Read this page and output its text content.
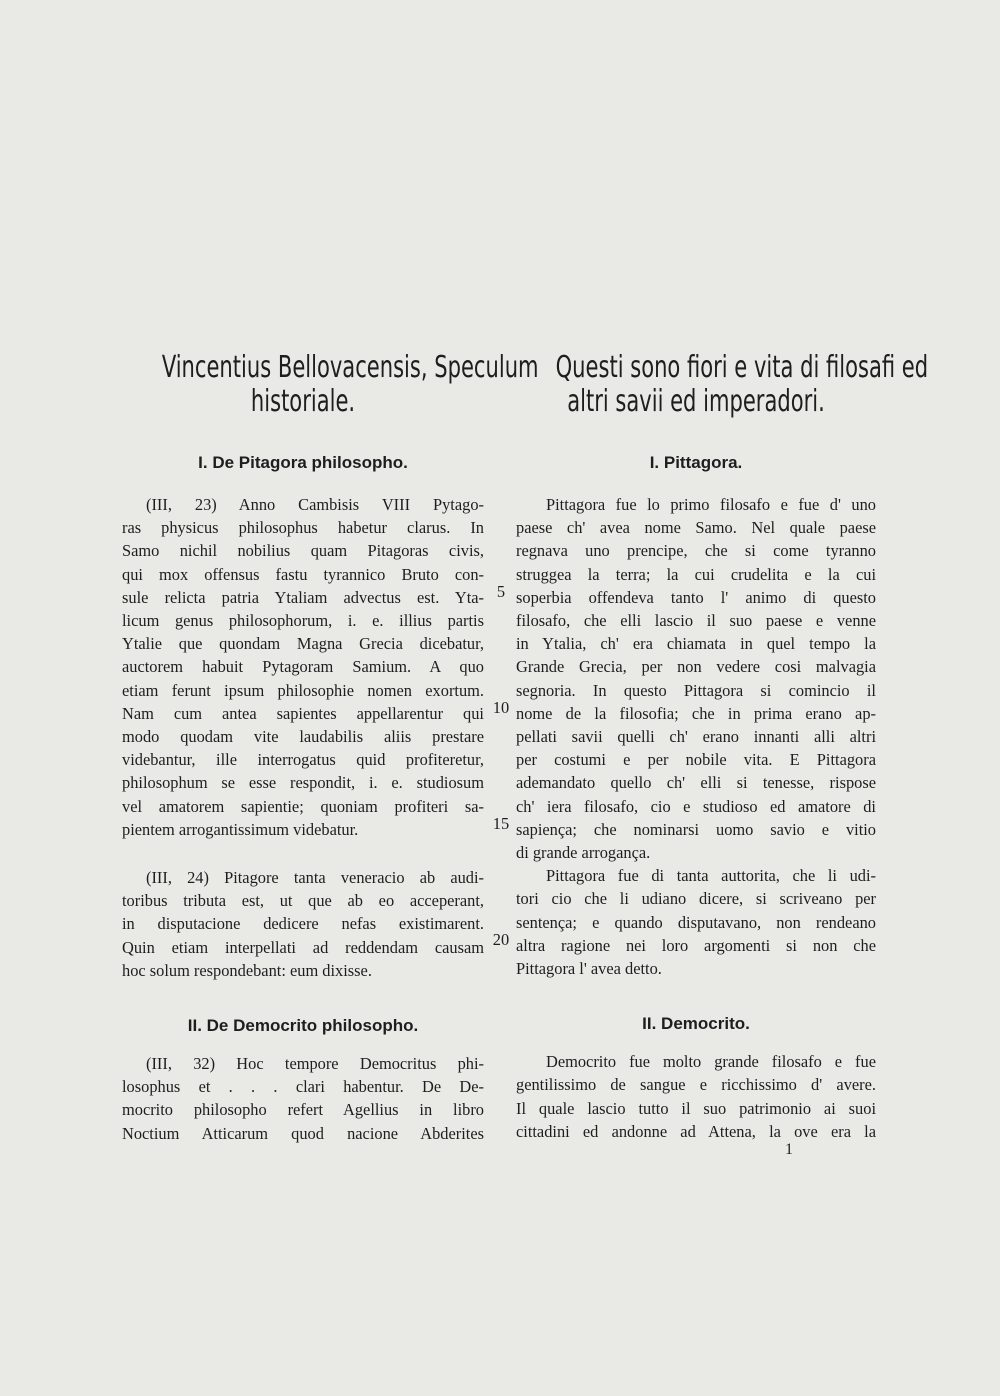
Vincentius Bellovacensis, Speculum
historiale.
I. De Pitagora philosopho.
(III, 23) Anno Cambisis VIII Pytago-
ras physicus philosophus habetur clarus. In
Samo nichil nobilius quam Pitagoras civis,
qui mox offensus fastu tyrannico Bruto con-
sule relicta patria Ytaliam advectus est. Yta-
licum genus philosophorum, i. e. illius partis
Ytalie que quondam Magna Grecia dicebatur,
auctorem habuit Pytagoram Samium. A quo
etiam ferunt ipsum philosophie nomen exortum.
Nam cum antea sapientes appellarentur qui
modo quodam vite laudabilis aliis prestare
videbantur, ille interrogatus quid profiteretur,
philosophum se esse respondit, i. e. studiosum
vel amatorem sapientie; quoniam profiteri sa-
pientem arrogantissimum videbatur.
(III, 24) Pitagore tanta veneracio ab audi-
toribus tributa est, ut que ab eo acceperant,
in disputacione dedicere nefas existimarent.
Quin etiam interpellati ad reddendam causam
hoc solum respondebant: eum dixisse.
II. De Democrito philosopho.
(III, 32) Hoc tempore Democritus phi-
losophus et . . . clari habentur. De De-
mocrito philosopho refert Agellius in libro
Noctium Atticarum quod nacione Abderites
5
10
15
20
Questi sono fiori e vita di filosafi ed
altri savii ed imperadori.
I. Pittagora.
Pittagora fue lo primo filosafo e fue d' uno
paese ch' avea nome Samo. Nel quale paese
regnava uno prencipe, che si come tyranno
struggea la terra; la cui crudelita e la cui
soperbia offendeva tanto l' animo di questo
filosafo, che elli lascio il suo paese e venne
in Ytalia, ch' era chiamata in quel tempo la
Grande Grecia, per non vedere cosi malvagia
segnoria. In questo Pittagora si comincio il
nome de la filosofia; che in prima erano ap-
pellati savii quelli ch' erano innanti alli altri
per costumi e per nobile vita. E Pittagora
ademandato quello ch' elli si tenesse, rispose
ch' iera filosafo, cio e studioso ed amatore di
sapiença; che nominarsi uomo savio e vitio
di grande arrogança.
Pittagora fue di tanta auttorita, che li udi-
tori cio che li udiano dicere, si scriveano per
sentença; e quando disputavano, non rendeano
altra ragione nei loro argomenti si non che
Pittagora l' avea detto.
II. Democrito.
Democrito fue molto grande filosafo e fue
gentilissimo de sangue e ricchissimo d' avere.
Il quale lascio tutto il suo patrimonio ai suoi
cittadini ed andonne ad Attena, la ove era la
1
